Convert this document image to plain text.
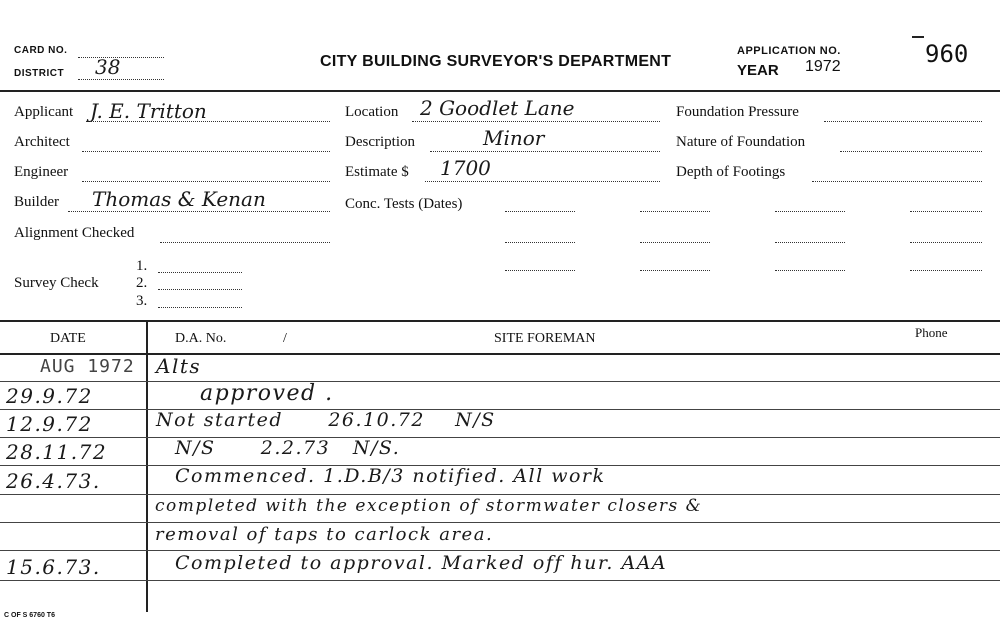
CARD NO.
DISTRICT 38	CITY BUILDING SURVEYOR'S DEPARTMENT
APPLICATION NO.
YEAR 1972	960
Applicant J. E. Tritton
Architect
Engineer
Builder Thomas & Kenan
Alignment Checked
Survey Check
1.
2.
3.
Location 2 Goodlet Lane
Description	Minor
Estimate $ 1700
Conc. Tests (Dates)
Foundation Pressure
Nature of Foundation
Depth of Footings
DATE	D.A. No.	/	SITE FOREMAN	Phone
AUG 1972 Alts
29.9.72	approved .
12.9.72	Not started      26.10.72    N/S
28.11.72	N/S      2.2.73   N/S.
26.4.73.	Commenced. 1.D.B/3 notified. All work
completed with the exception of stormwater closers &
removal of taps to carlock area.
15.6.73.	Completed to approval. Marked off hur. AAA
C OF S 6760 T6
